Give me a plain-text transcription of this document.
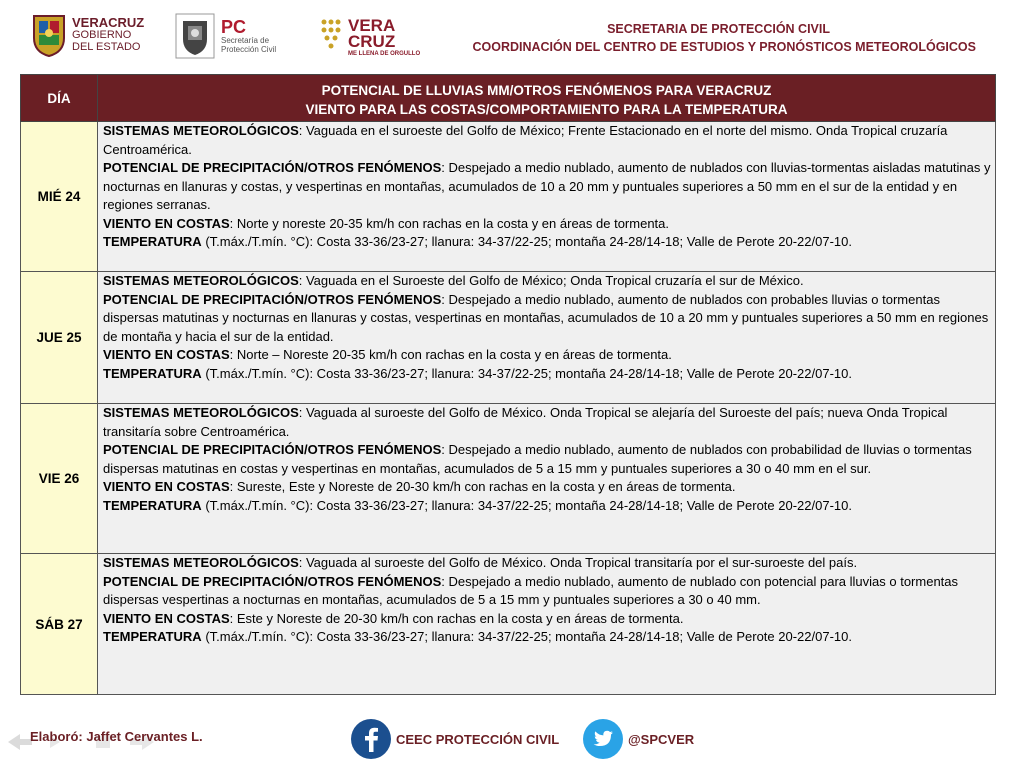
VERACRUZ
GOBIERNO
DEL ESTADO
PC
Secretaría de
Protección Civil
VERA
CRUZ
ME LLENA DE ORGULLO
SECRETARIA DE PROTECCIÓN CIVIL
COORDINACIÓN DEL CENTRO DE ESTUDIOS Y PRONÓSTICOS METEOROLÓGICOS
DÍA	POTENCIAL DE LLUVIAS MM/OTROS FENÓMENOS PARA VERACRUZ
VIENTO PARA LAS COSTAS/COMPORTAMIENTO PARA LA TEMPERATURA

MIÉ 24	SISTEMAS METEOROLÓGICOS: Vaguada en el suroeste del Golfo de México; Frente Estacionado en el norte del mismo. Onda Tropical cruzaría Centroamérica.
POTENCIAL DE PRECIPITACIÓN/OTROS FENÓMENOS: Despejado a medio nublado, aumento de nublados con lluvias-tormentas aisladas matutinas y nocturnas en llanuras y costas, y vespertinas en montañas, acumulados de 10 a 20 mm y puntuales superiores a 50 mm en el sur de la entidad y en regiones serranas.
VIENTO EN COSTAS: Norte y noreste 20-35 km/h con rachas en la costa y en áreas de tormenta.
TEMPERATURA (T.máx./T.mín. °C): Costa 33-36/23-27; llanura: 34-37/22-25; montaña 24-28/14-18; Valle de Perote 20-22/07-10.

JUE 25	SISTEMAS METEOROLÓGICOS: Vaguada en el Suroeste del Golfo de México; Onda Tropical cruzaría el sur de México.
POTENCIAL DE PRECIPITACIÓN/OTROS FENÓMENOS: Despejado a medio nublado, aumento de nublados con probables lluvias o tormentas dispersas matutinas y nocturnas en llanuras y costas, vespertinas en montañas, acumulados de 10 a 20 mm y puntuales superiores a 50 mm en regiones de montaña y hacia el sur de la entidad.
VIENTO EN COSTAS: Norte – Noreste 20-35 km/h con rachas en la costa y en áreas de tormenta.
TEMPERATURA (T.máx./T.mín. °C): Costa 33-36/23-27; llanura: 34-37/22-25; montaña 24-28/14-18; Valle de Perote 20-22/07-10.

VIE 26	SISTEMAS METEOROLÓGICOS: Vaguada al suroeste del Golfo de México. Onda Tropical se alejaría del Suroeste del país; nueva Onda Tropical transitaría sobre Centroamérica.
POTENCIAL DE PRECIPITACIÓN/OTROS FENÓMENOS: Despejado a medio nublado, aumento de nublados con probabilidad de lluvias o tormentas dispersas matutinas en costas y vespertinas en montañas, acumulados de 5 a 15 mm y puntuales superiores a 30 o 40 mm en el sur.
VIENTO EN COSTAS: Sureste, Este y Noreste de 20-30 km/h con rachas en la costa y en áreas de tormenta.
TEMPERATURA (T.máx./T.mín. °C): Costa 33-36/23-27; llanura: 34-37/22-25; montaña 24-28/14-18; Valle de Perote 20-22/07-10.

SÁB 27	SISTEMAS METEOROLÓGICOS: Vaguada al suroeste del Golfo de México. Onda Tropical transitaría por el sur-suroeste del país.
POTENCIAL DE PRECIPITACIÓN/OTROS FENÓMENOS: Despejado a medio nublado, aumento de nublado con potencial para lluvias o tormentas dispersas vespertinas a nocturnas en montañas, acumulados de 5 a 15 mm y puntuales superiores a 30 o 40 mm.
VIENTO EN COSTAS: Este y Noreste de 20-30 km/h con rachas en la costa y en áreas de tormenta.
TEMPERATURA (T.máx./T.mín. °C): Costa 33-36/23-27; llanura: 34-37/22-25; montaña 24-28/14-18; Valle de Perote 20-22/07-10.
Elaboró: Jaffet Cervantes L.	CEEC PROTECCIÓN CIVIL	@SPCVER
